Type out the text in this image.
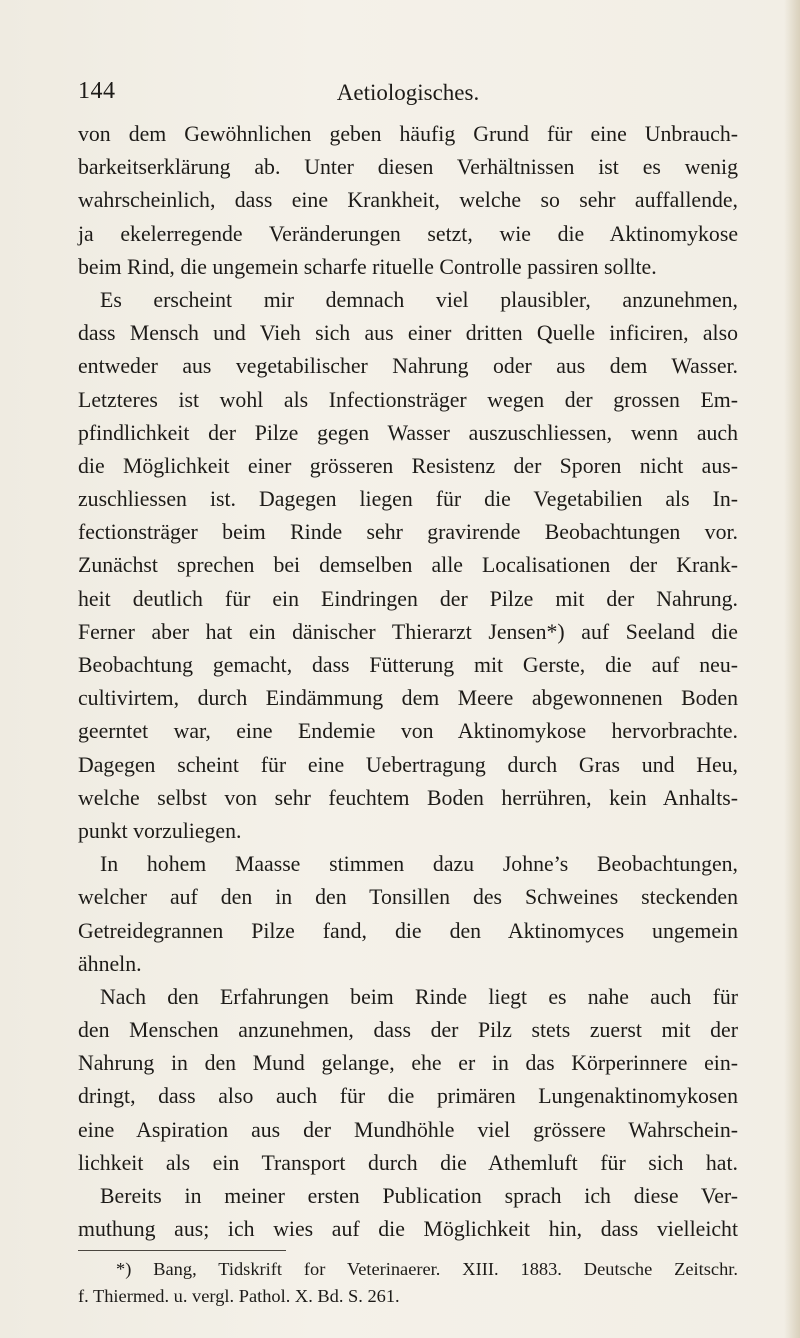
144	Aetiologisches.
von dem Gewöhnlichen geben häufig Grund für eine Unbrauch-
barkeitserklärung ab. Unter diesen Verhältnissen ist es wenig
wahrscheinlich, dass eine Krankheit, welche so sehr auffallende,
ja ekelerregende Veränderungen setzt, wie die Aktinomykose
beim Rind, die ungemein scharfe rituelle Controlle passiren sollte.
Es erscheint mir demnach viel plausibler, anzunehmen,
dass Mensch und Vieh sich aus einer dritten Quelle inficiren, also
entweder aus vegetabilischer Nahrung oder aus dem Wasser.
Letzteres ist wohl als Infectionsträger wegen der grossen Em-
pfindlichkeit der Pilze gegen Wasser auszuschliessen, wenn auch
die Möglichkeit einer grösseren Resistenz der Sporen nicht aus-
zuschliessen ist. Dagegen liegen für die Vegetabilien als In-
fectionsträger beim Rinde sehr gravirende Beobachtungen vor.
Zunächst sprechen bei demselben alle Localisationen der Krank-
heit deutlich für ein Eindringen der Pilze mit der Nahrung.
Ferner aber hat ein dänischer Thierarzt Jensen*) auf Seeland die
Beobachtung gemacht, dass Fütterung mit Gerste, die auf neu-
cultivirtem, durch Eindämmung dem Meere abgewonnenen Boden
geerntet war, eine Endemie von Aktinomykose hervorbrachte.
Dagegen scheint für eine Uebertragung durch Gras und Heu,
welche selbst von sehr feuchtem Boden herrühren, kein Anhalts-
punkt vorzuliegen.
In hohem Maasse stimmen dazu Johne’s Beobachtungen,
welcher auf den in den Tonsillen des Schweines steckenden
Getreidegrannen Pilze fand, die den Aktinomyces ungemein
ähneln.
Nach den Erfahrungen beim Rinde liegt es nahe auch für
den Menschen anzunehmen, dass der Pilz stets zuerst mit der
Nahrung in den Mund gelange, ehe er in das Körperinnere ein-
dringt, dass also auch für die primären Lungenaktinomykosen
eine Aspiration aus der Mundhöhle viel grössere Wahrschein-
lichkeit als ein Transport durch die Athemluft für sich hat.
Bereits in meiner ersten Publication sprach ich diese Ver-
muthung aus; ich wies auf die Möglichkeit hin, dass vielleicht
*) Bang, Tidskrift for Veterinaerer. XIII. 1883. Deutsche Zeitschr.
f. Thiermed. u. vergl. Pathol. X. Bd. S. 261.
